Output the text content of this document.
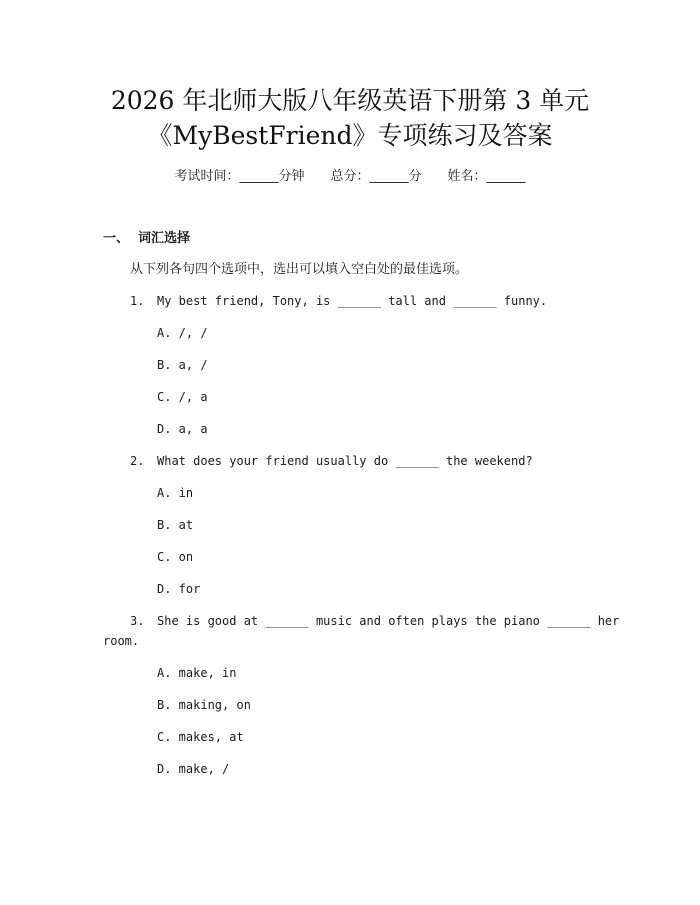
2026 年北师大版八年级英语下册第 3 单元
《MyBestFriend》专项练习及答案
考试时间：______分钟 总分：______分 姓名：______
一、 词汇选择
从下列各句四个选项中，选出可以填入空白处的最佳选项。
1. My best friend, Tony, is ______ tall and ______ funny.
A. /, /
B. a, /
C. /, a
D. a, a
2. What does your friend usually do ______ the weekend?
A. in
B. at
C. on
D. for
3. She is good at ______ music and often plays the piano ______ her
room.
A. make, in
B. making, on
C. makes, at
D. make, /
